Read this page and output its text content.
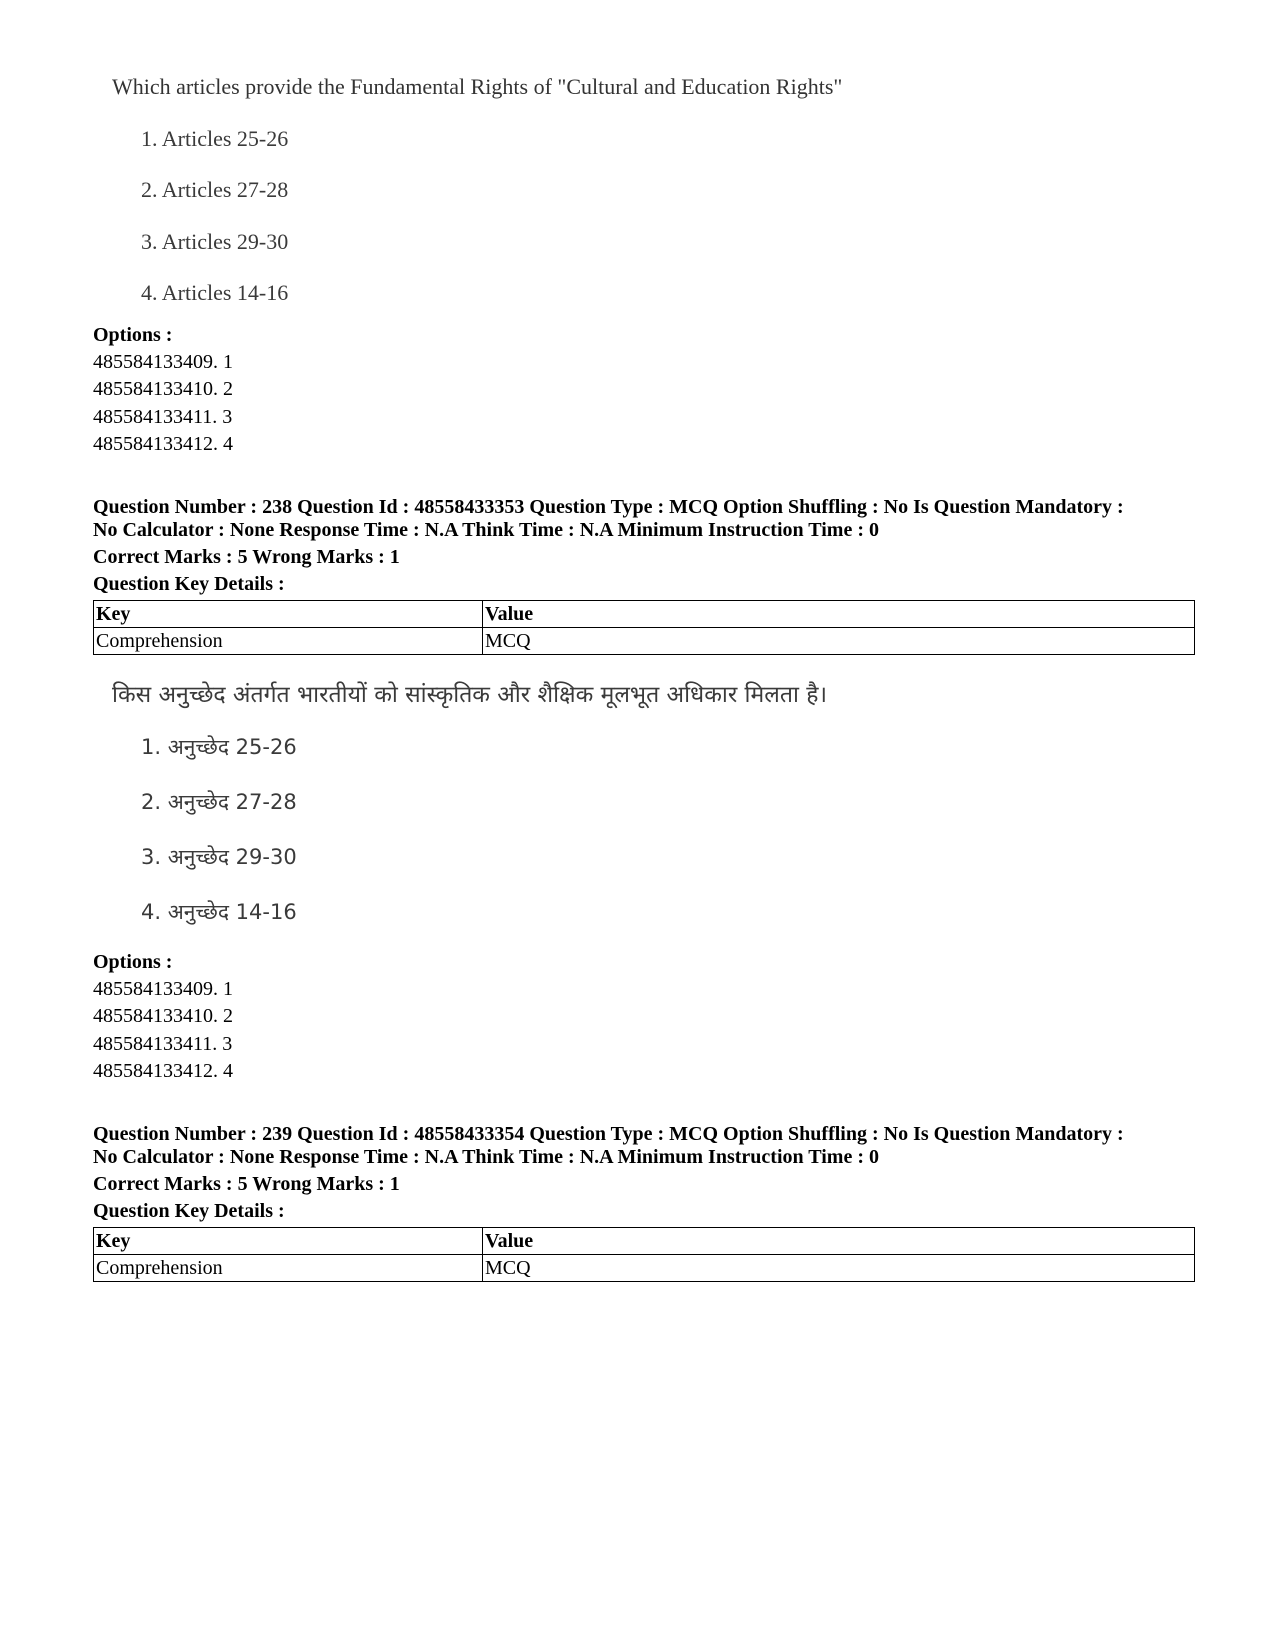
Which articles provide the Fundamental Rights of "Cultural and Education Rights"
1. Articles 25-26
2. Articles 27-28
3. Articles 29-30
4. Articles 14-16
Options :
485584133409. 1
485584133410. 2
485584133411. 3
485584133412. 4
Question Number : 238 Question Id : 48558433353 Question Type : MCQ Option Shuffling : No Is Question Mandatory :
No Calculator : None Response Time : N.A Think Time : N.A Minimum Instruction Time : 0
Correct Marks : 5 Wrong Marks : 1
Question Key Details :
Key	Value
Comprehension	MCQ
किस अनुच्छेद अंतर्गत भारतीयों को सांस्कृतिक और शैक्षिक मूलभूत अधिकार मिलता है।
1. अनुच्छेद 25-26
2. अनुच्छेद 27-28
3. अनुच्छेद 29-30
4. अनुच्छेद 14-16
Options :
485584133409. 1
485584133410. 2
485584133411. 3
485584133412. 4
Question Number : 239 Question Id : 48558433354 Question Type : MCQ Option Shuffling : No Is Question Mandatory :
No Calculator : None Response Time : N.A Think Time : N.A Minimum Instruction Time : 0
Correct Marks : 5 Wrong Marks : 1
Question Key Details :
Key	Value
Comprehension	MCQ
